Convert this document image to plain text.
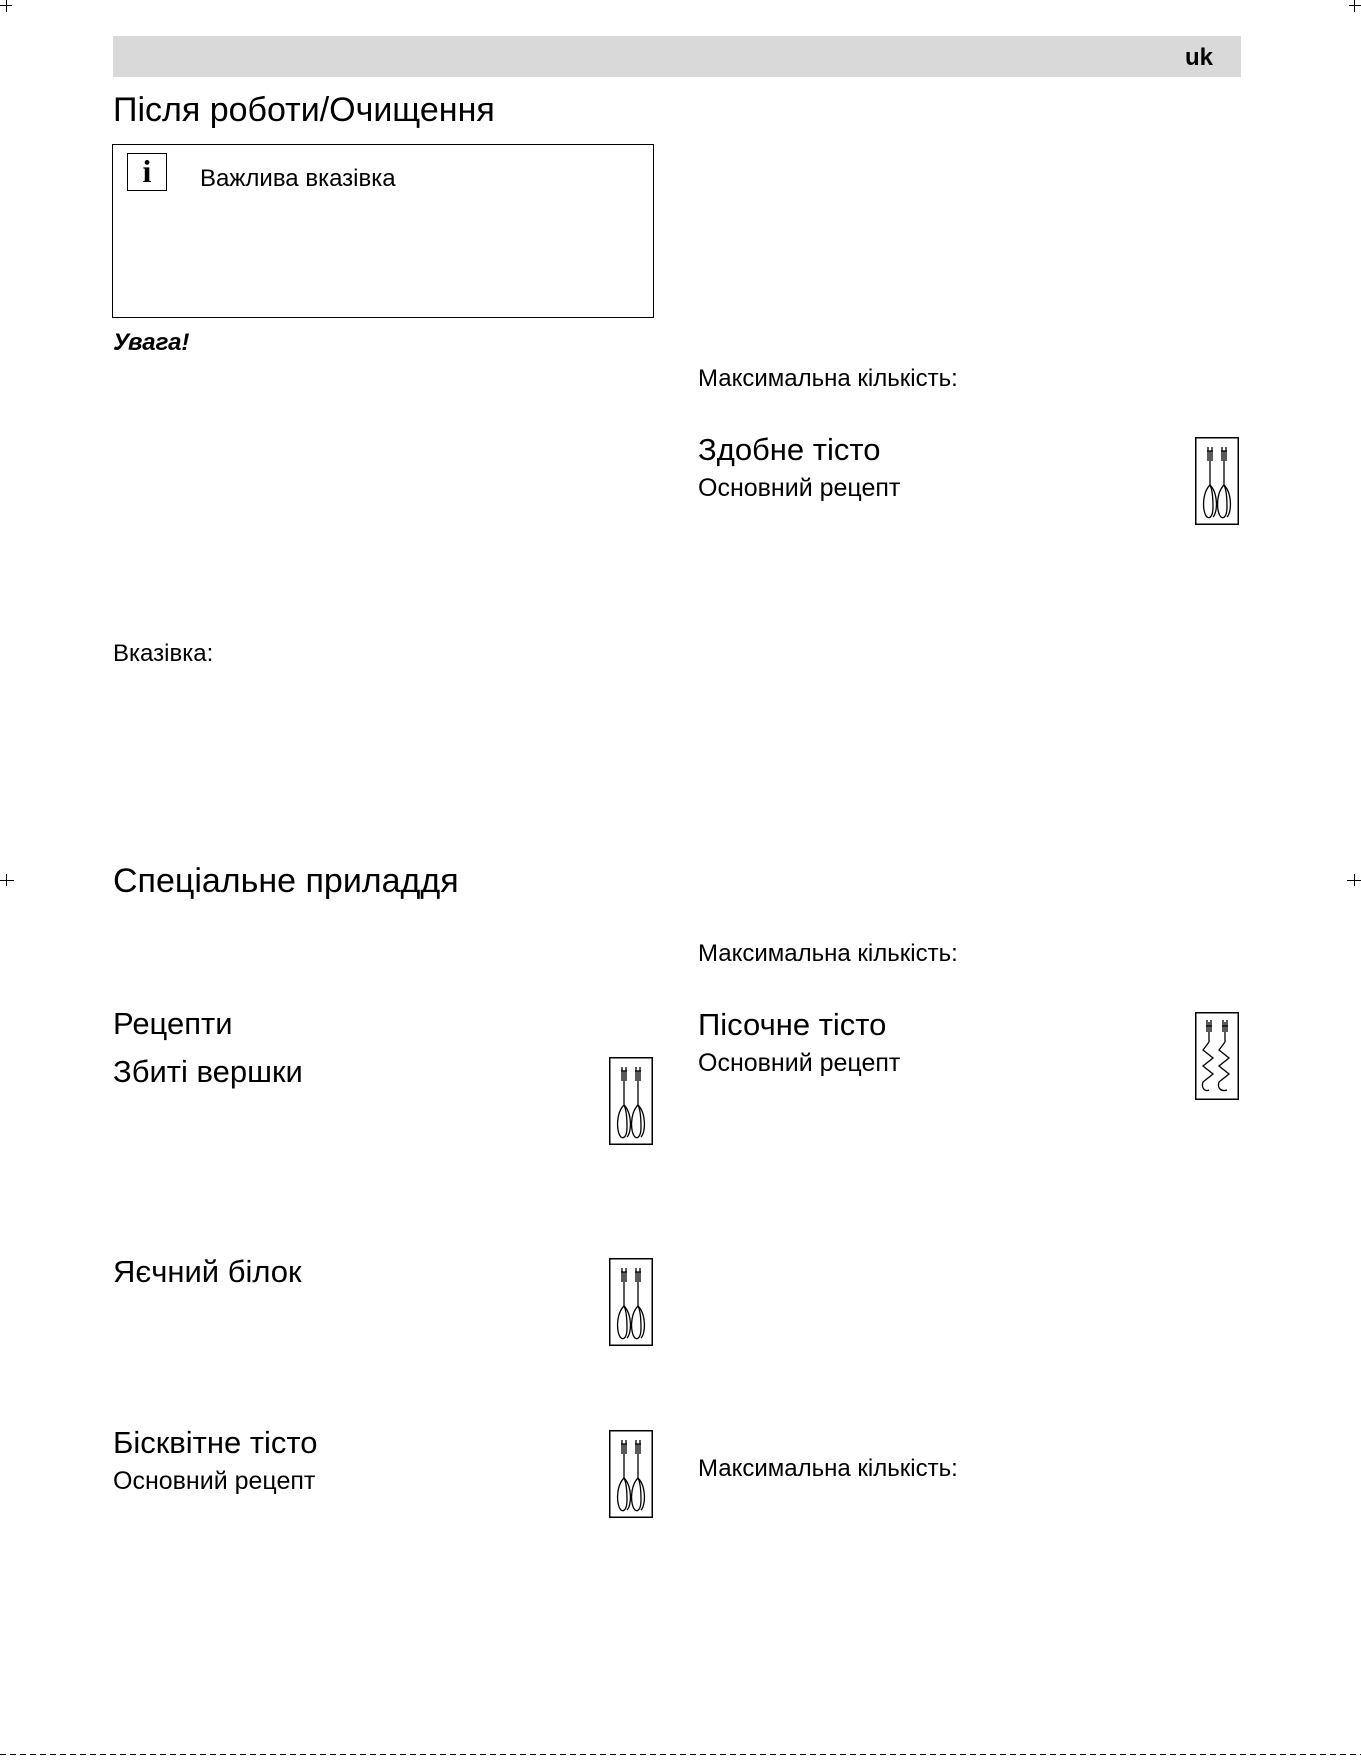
uk
Після роботи/Очищення
i	Важлива вказівка
Увага!
Вказівка:
Спеціальне приладдя
Рецепти
Збиті вершки
Яєчний білок
Бісквітне тісто
Основний рецепт
Максимальна кількість:
Здобне тісто
Основний рецепт
Максимальна кількість:
Пісочне тісто
Основний рецепт
Максимальна кількість:
